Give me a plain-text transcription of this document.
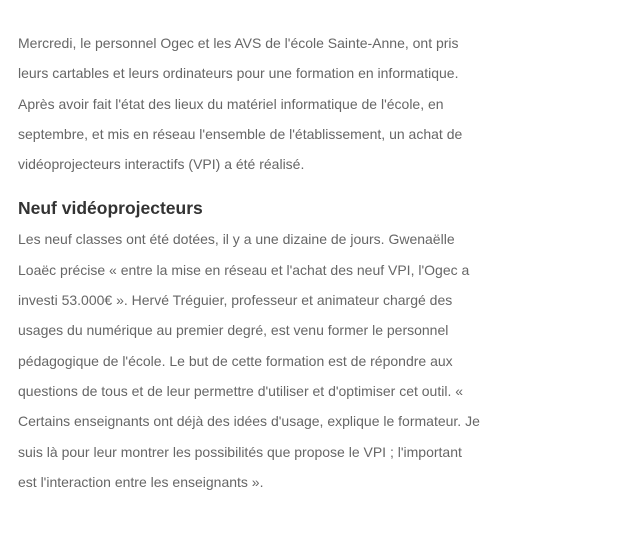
Mercredi, le personnel Ogec et les AVS de l'école Sainte-Anne, ont pris
leurs cartables et leurs ordinateurs pour une formation en informatique.
Après avoir fait l'état des lieux du matériel informatique de l'école, en
septembre, et mis en réseau l'ensemble de l'établissement, un achat de
vidéoprojecteurs interactifs (VPI) a été réalisé.

Neuf vidéoprojecteurs

Les neuf classes ont été dotées, il y a une dizaine de jours. Gwenaëlle
Loaëc précise « entre la mise en réseau et l'achat des neuf VPI, l'Ogec a
investi 53.000€ ». Hervé Tréguier, professeur et animateur chargé des
usages du numérique au premier degré, est venu former le personnel
pédagogique de l'école. Le but de cette formation est de répondre aux
questions de tous et de leur permettre d'utiliser et d'optimiser cet outil. «
Certains enseignants ont déjà des idées d'usage, explique le formateur. Je
suis là pour leur montrer les possibilités que propose le VPI ; l'important
est l'interaction entre les enseignants ».
